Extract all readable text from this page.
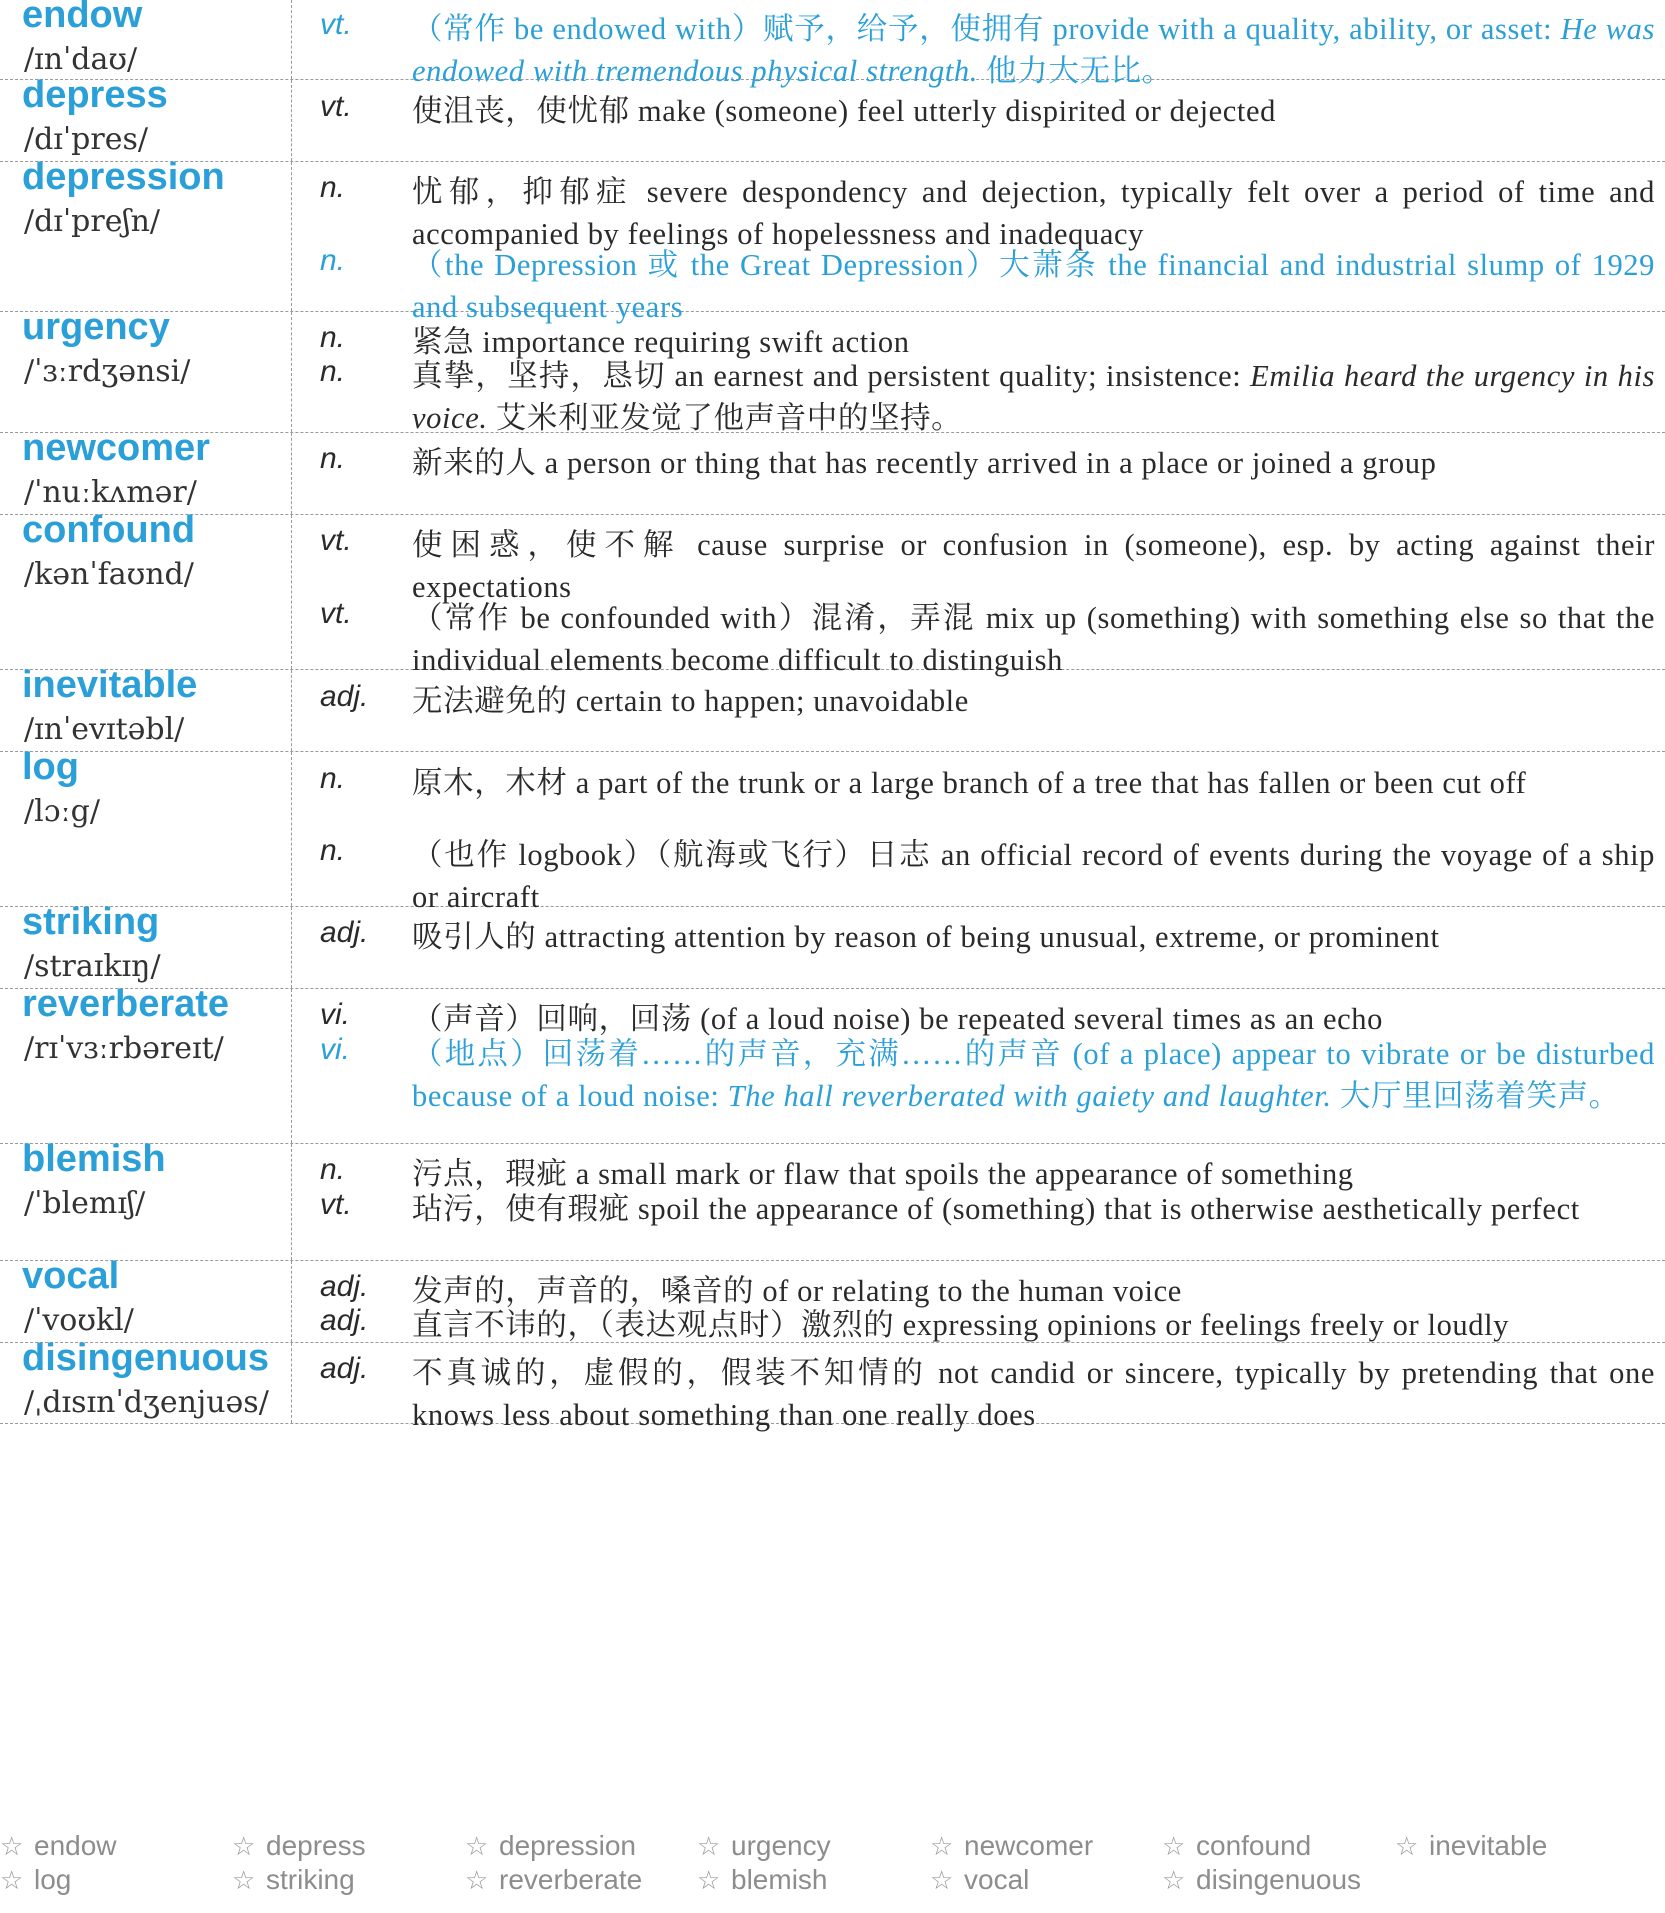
endow
/ɪnˈdaʊ/
vt. （常作 be endowed with）赋予，给予，使拥有 provide with a quality, ability, or asset: He was endowed with tremendous physical strength. 他力大无比。
depress
/dɪˈpres/
vt. 使沮丧，使忧郁 make (someone) feel utterly dispirited or dejected
depression
/dɪˈpreʃn/
n. 忧郁，抑郁症 severe despondency and dejection, typically felt over a period of time and accompanied by feelings of hopelessness and inadequacy
n. （the Depression 或 the Great Depression）大萧条 the financial and industrial slump of 1929 and subsequent years
urgency
/ˈɜːrdʒənsi/
n. 紧急 importance requiring swift action
n. 真挚，坚持，恳切 an earnest and persistent quality; insistence: Emilia heard the urgency in his voice. 艾米利亚发觉了他声音中的坚持。
newcomer
/ˈnuːkʌmər/
n. 新来的人 a person or thing that has recently arrived in a place or joined a group
confound
/kənˈfaʊnd/
vt. 使困惑，使不解 cause surprise or confusion in (someone), esp. by acting against their expectations
vt. （常作 be confounded with）混淆，弄混 mix up (something) with something else so that the individual elements become difficult to distinguish
inevitable
/ɪnˈevɪtəbl/
adj. 无法避免的 certain to happen; unavoidable
log
/lɔːg/
n. 原木，木材 a part of the trunk or a large branch of a tree that has fallen or been cut off
n. （也作 logbook）（航海或飞行）日志 an official record of events during the voyage of a ship or aircraft
striking
/straɪkɪŋ/
adj. 吸引人的 attracting attention by reason of being unusual, extreme, or prominent
reverberate
/rɪˈvɜːrbəreɪt/
vi. （声音）回响，回荡 (of a loud noise) be repeated several times as an echo
vi. （地点）回荡着……的声音，充满……的声音 (of a place) appear to vibrate or be disturbed because of a loud noise: The hall reverberated with gaiety and laughter. 大厅里回荡着笑声。
blemish
/ˈblemɪʃ/
n. 污点，瑕疵 a small mark or flaw that spoils the appearance of something
vt. 玷污，使有瑕疵 spoil the appearance of (something) that is otherwise aesthetically perfect
vocal
/ˈvoʊkl/
adj. 发声的，声音的，嗓音的 of or relating to the human voice
adj. 直言不讳的，（表达观点时）激烈的 expressing opinions or feelings freely or loudly
disingenuous
/ˌdɪsɪnˈdʒenjuəs/
adj. 不真诚的，虚假的，假装不知情的 not candid or sincere, typically by pretending that one knows less about something than one really does
☆ endow	☆ depress	☆ depression	☆ urgency	☆ newcomer	☆ confound	☆ inevitable
☆ log	☆ striking	☆ reverberate	☆ blemish	☆ vocal	☆ disingenuous
